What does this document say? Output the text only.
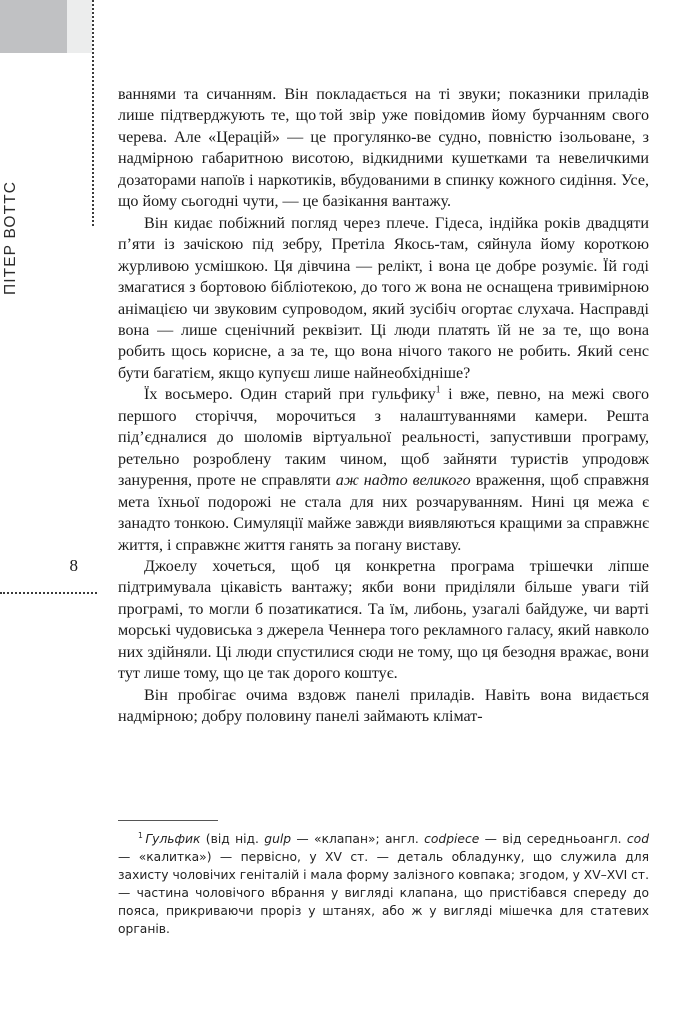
ПІТЕР ВОТТС
8

ваннями та сичанням. Він покладається на ті звуки; показники приладів лише підтверджують те, що той звір уже повідомив йому бурчанням свого черева. Але «Церацій» — це прогулянко-ве судно, повністю ізольоване, з надмірною габаритною висотою, відкидними кушетками та невеличкими дозаторами напоїв і наркотиків, вбудованими в спинку кожного сидіння. Усе, що йому сьогодні чути, — це базікання вантажу.

Він кидає побіжний погляд через плече. Гідеса, індійка років двадцяти п’яти із зачіскою під зебру, Претіла Якось-там, сяйнула йому короткою журливою усмішкою. Ця дівчина — релікт, і вона це добре розуміє. Їй годі змагатися з бортовою бібліотекою, до того ж вона не оснащена тривимірною анімацією чи звуковим супроводом, який зусібіч огортає слухача. Насправді вона — лише сценічний реквізит. Ці люди платять їй не за те, що вона робить щось корисне, а за те, що вона нічого такого не робить. Який сенс бути багатієм, якщо купуєш лише найнеобхідніше?

Їх восьмеро. Один старий при гульфику$^1$ і вже, певно, на межі свого першого сторіччя, морочиться з налаштуваннями камери. Решта під’єдналися до шоломів віртуальної реальності, запустивши програму, ретельно розроблену таким чином, щоб зайняти туристів упродовж занурення, проте не справляти аж надто великого враження, щоб справжня мета їхньої подорожі не стала для них розчаруванням. Нині ця межа є занадто тонкою. Симуляції майже завжди виявляються кращими за справжнє життя, і справжнє життя ганять за погану виставу.

Джоелу хочеться, щоб ця конкретна програма трішечки ліпше підтримувала цікавість вантажу; якби вони приділяли більше уваги тій програмі, то могли б позатикатися. Та їм, либонь, узагалі байдуже, чи варті морські чудовиська з джерела Ченнера того рекламного галасу, який навколо них здійняли. Ці люди спустилися сюди не тому, що ця безодня вражає, вони тут лише тому, що це так дорого коштує.

Він пробігає очима вздовж панелі приладів. Навіть вона видається надмірною; добру половину панелі займають клімат-

$^1$  Гульфик (від нід. gulp — «клапан»; англ. codpiece — від середньоангл. cod — «калитка») — первісно, у XV ст. — деталь обладунку, що служила для захисту чоловічих геніталій і мала форму залізного ковпака; згодом, у XV–XVI ст. — частина чоловічого вбрання у вигляді клапана, що пристібався спереду до пояса, прикриваючи проріз у штанях, або ж у вигляді мішечка для статевих органів.
